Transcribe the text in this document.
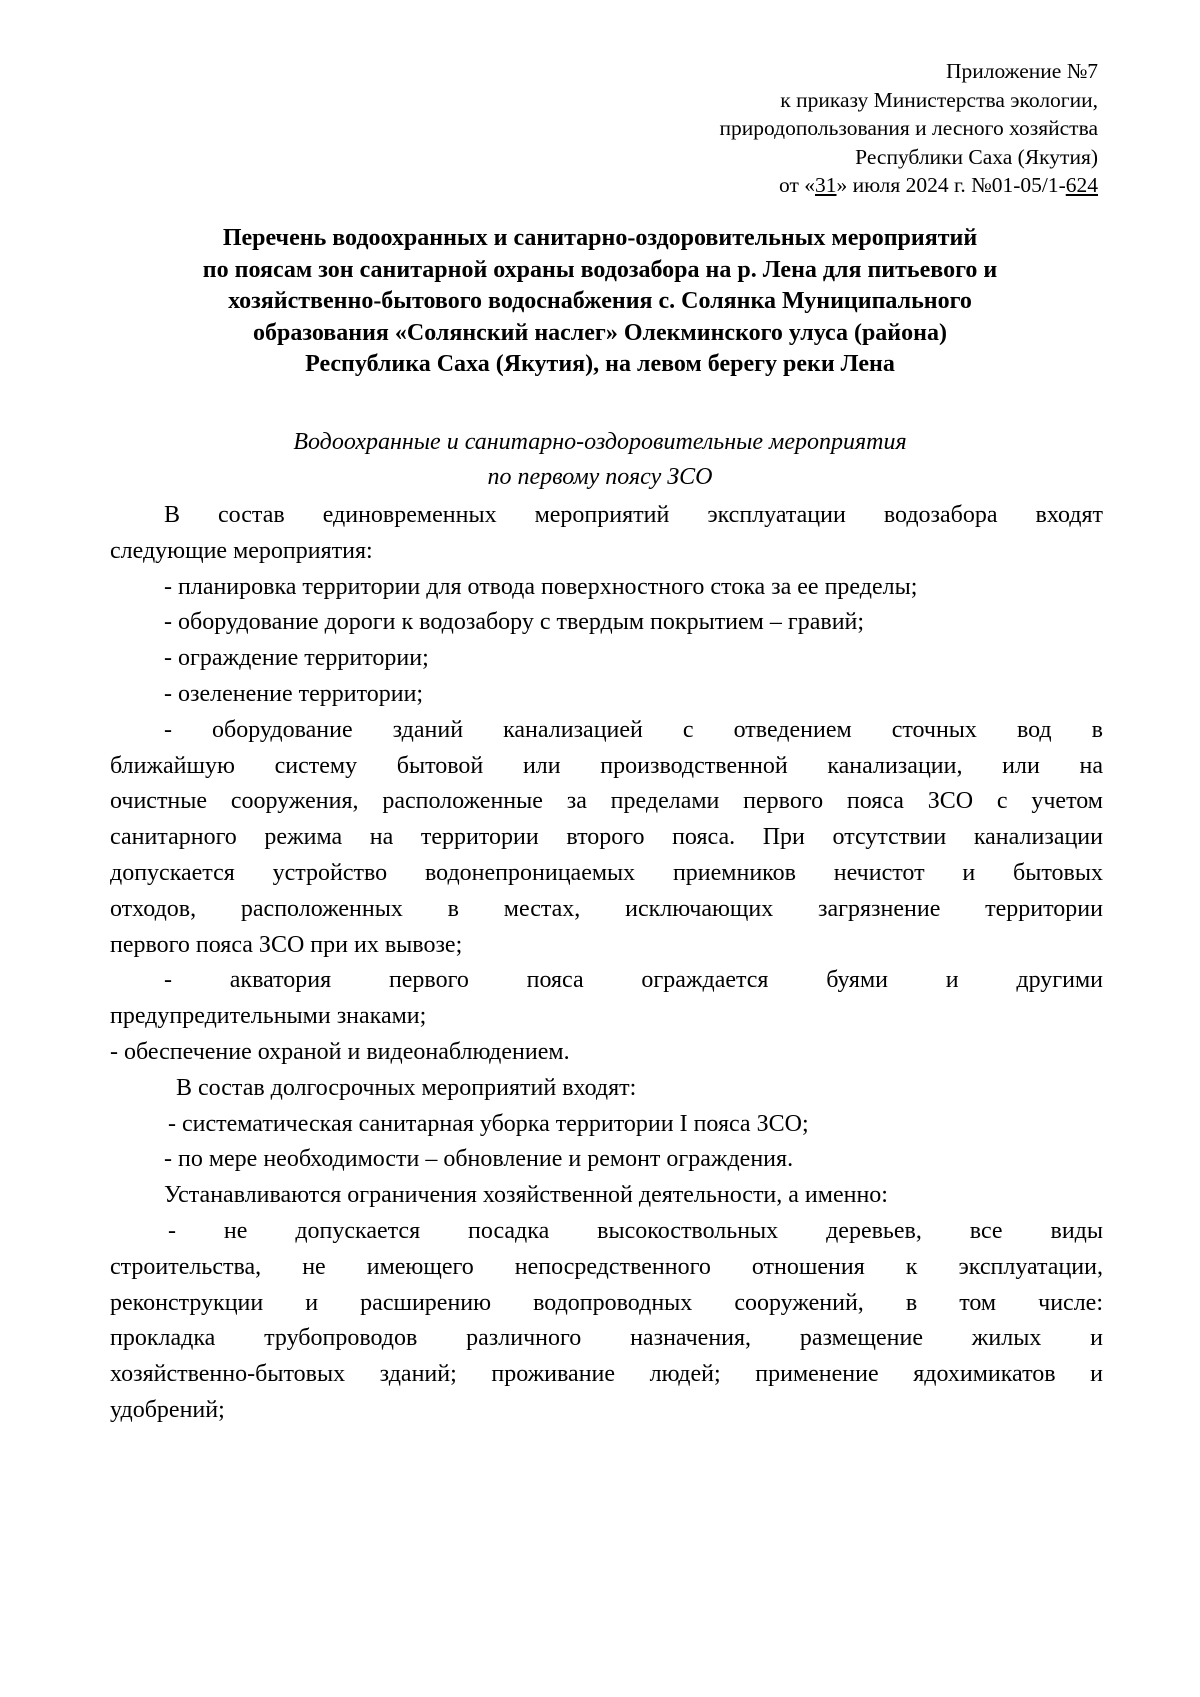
Приложение №7
к приказу Министерства экологии,
природопользования и лесного хозяйства
Республики Саха (Якутия)
от «31» июля 2024 г. №01-05/1-624
Перечень водоохранных и санитарно-оздоровительных мероприятий
по поясам зон санитарной охраны водозабора на р. Лена для питьевого и
хозяйственно-бытового водоснабжения с. Солянка Муниципального
образования «Солянский наслег» Олекминского улуса (района)
Республика Саха (Якутия), на левом берегу реки Лена
Водоохранные и санитарно-оздоровительные мероприятия
по первому поясу ЗСО
В состав единовременных мероприятий эксплуатации водозабора входят
следующие мероприятия:
- планировка территории для отвода поверхностного стока за ее пределы;
- оборудование дороги к водозабору с твердым покрытием – гравий;
- ограждение территории;
- озеленение территории;
- оборудование зданий канализацией с отведением сточных вод в
ближайшую систему бытовой или производственной канализации, или на
очистные сооружения, расположенные за пределами первого пояса ЗСО с учетом
санитарного режима на территории второго пояса. При отсутствии канализации
допускается устройство водонепроницаемых приемников нечистот и бытовых
отходов, расположенных в местах, исключающих загрязнение территории
первого пояса ЗСО при их вывозе;
- акватория первого пояса ограждается буями и другими
предупредительными знаками;
- обеспечение охраной и видеонаблюдением.
В состав долгосрочных мероприятий входят:
- систематическая санитарная уборка территории I пояса ЗСО;
- по мере необходимости – обновление и ремонт ограждения.
Устанавливаются ограничения хозяйственной деятельности, а именно:
- не допускается посадка высокоствольных деревьев, все виды
строительства, не имеющего непосредственного отношения к эксплуатации,
реконструкции и расширению водопроводных сооружений, в том числе:
прокладка трубопроводов различного назначения, размещение жилых и
хозяйственно-бытовых зданий; проживание людей; применение ядохимикатов и
удобрений;
